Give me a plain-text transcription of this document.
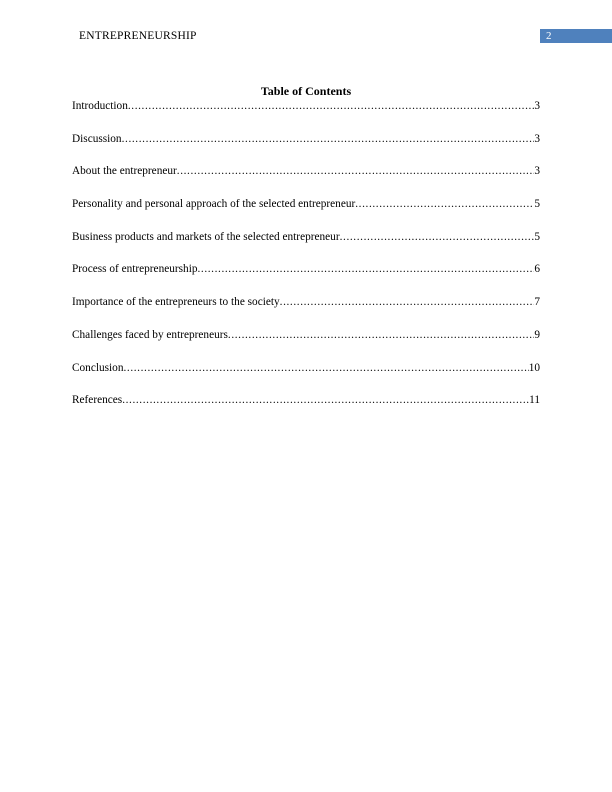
ENTREPRENEURSHIP	2
Table of Contents
Introduction .....	3
Discussion .....	3
About the entrepreneur .....	3
Personality and personal approach of the selected entrepreneur .....	5
Business products and markets of the selected entrepreneur .....	5
Process of entrepreneurship .....	6
Importance of the entrepreneurs to the society .....	7
Challenges faced by entrepreneurs .....	9
Conclusion .....	10
References .....	11
